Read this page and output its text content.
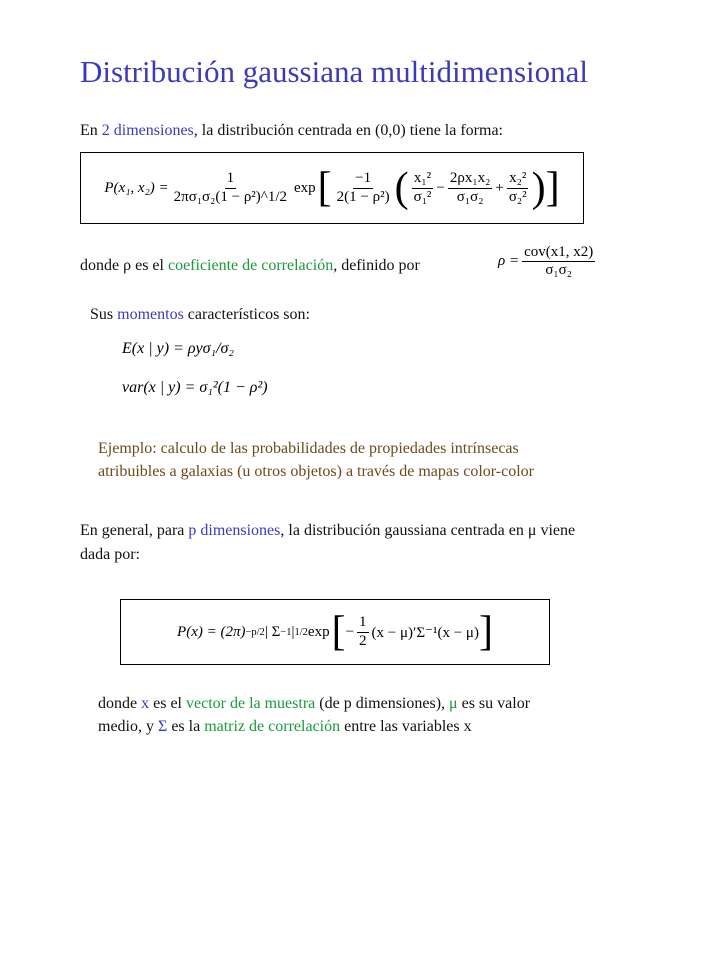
Distribución gaussiana multidimensional
En 2 dimensiones, la distribución centrada en (0,0) tiene la forma:
P(x₁, $x_2) = \frac{1}{\text{2πσ₁σ₂(1 − ρ²)\textasciicircum{}1/2}}$ exp [ $\frac{-1}{\text{2(1 − ρ²)}}$ ( $\frac{\text{x₁²}}{\text{σ₁²}} - \frac{\text{2ρx₁x₂}}{\text{σ₁σ₂}} + \frac{\text{x₂²}}{\text{σ₂²}}$ ) ]
donde ρ es el coeficiente de correlación, definido por	$\rho = \frac{\text{cov(x1, x2)}}{\text{σ₁σ₂}}$
Sus momentos característicos son:
E(x | y) = ρyσ₁/σ₂
var(x | y) = σ₁²(1 − ρ²)
Ejemplo: calculo de las probabilidades de propiedades intrínsecas
atribuibles a galaxias (u otros objetos) a través de mapas color-color
En general, para p dimensiones, la distribución gaussiana centrada en μ viene
dada por:
P(x) = (2π) −p/2 | Σ −1 | 1/2 exp [ − $\frac{1}{2} (x - \mu)'\Sigma^{-1}(x - \mu)$ ]
donde x es el vector de la muestra (de p dimensiones), μ es su valor
medio, y Σ es la matriz de correlación entre las variables x
